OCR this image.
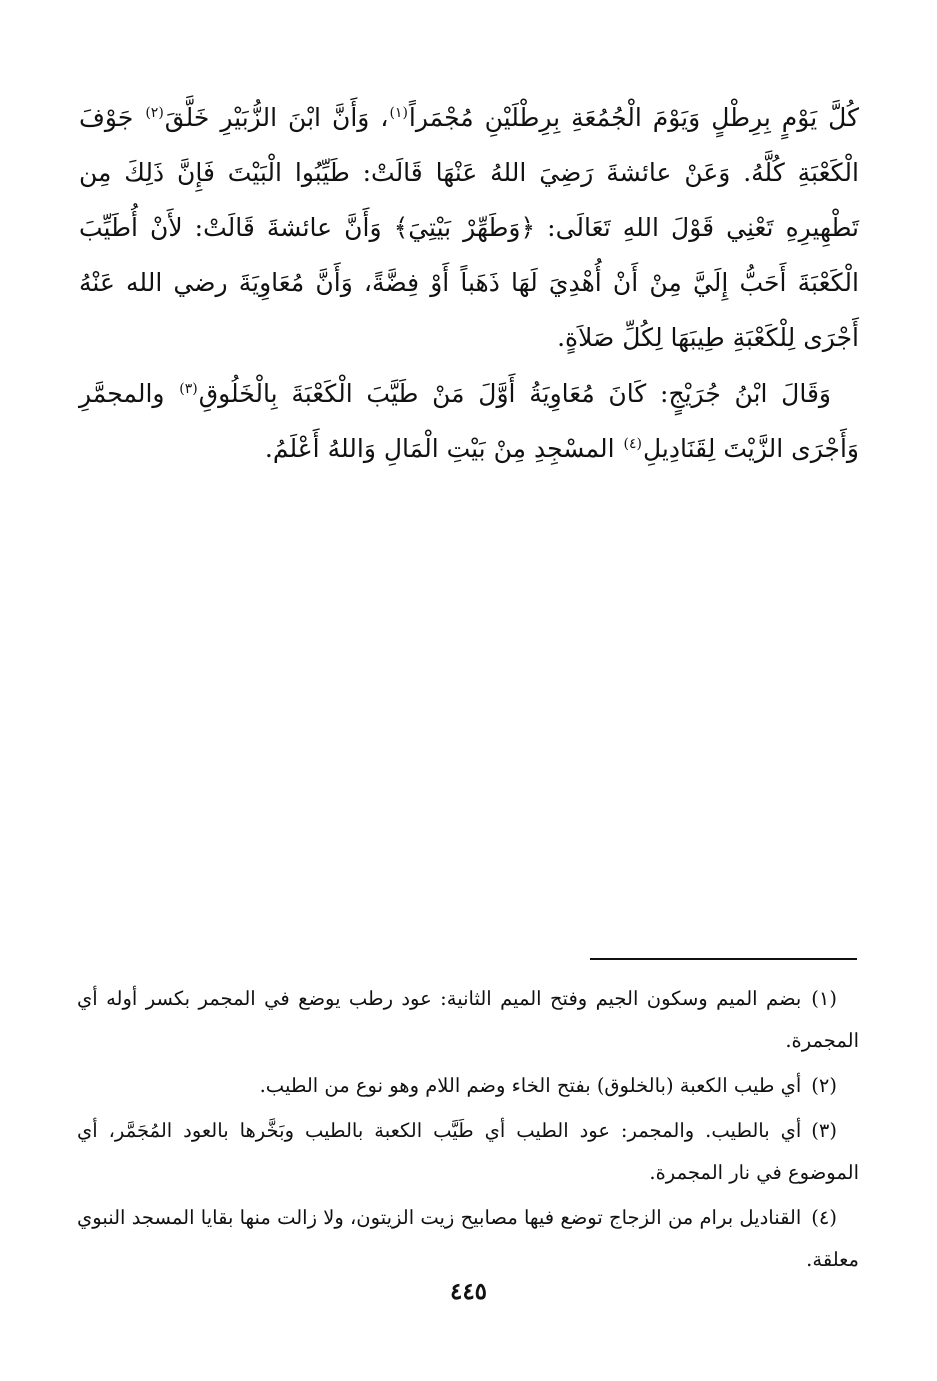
كُلَّ يَوْمٍ بِرِطْلٍ وَيَوْمَ الْجُمُعَةِ بِرِطْلَيْنِ مُجْمَراً$^{(١)}$، وَأَنَّ ابْنَ الزُّبَيْرِ خَلَّقَ$^{(٢)}$ جَوْفَ الْكَعْبَةِ كُلَّهُ. وَعَنْ عائشةَ رَضِيَ اللهُ عَنْهَا قَالَتْ: طَيِّبُوا الْبَيْتَ فَإِنَّ ذَلِكَ مِن تَطْهِيرِهِ تَعْنِي قَوْلَ اللهِ تَعَالَى: ﴿وَطَهِّرْ بَيْتِيَ﴾ وَأَنَّ عائشةَ قَالَتْ: لأَنْ أُطَيِّبَ الْكَعْبَةَ أَحَبُّ إِلَيَّ مِنْ أَنْ أُهْدِيَ لَهَا ذَهَباً أَوْ فِضَّةً، وَأَنَّ مُعَاوِيَةَ رضي الله عَنْهُ أَجْرَى لِلْكَعْبَةِ طِيبَهَا لِكُلِّ صَلاَةٍ.

وَقَالَ ابْنُ جُرَيْجٍ: كَانَ مُعَاوِيَةُ أَوَّلَ مَنْ طَيَّبَ الْكَعْبَةَ بِالْخَلُوقِ$^{(٣)}$ والمجمَّرِ وَأَجْرَى الزَّيْتَ لِقَنَادِيلِ$^{(٤)}$ المسْجِدِ مِنْ بَيْتِ الْمَالِ وَاللهُ أَعْلَمُ.

(١)بضم الميم وسكون الجيم وفتح الميم الثانية: عود رطب يوضع في المجمر بكسر أوله أي المجمرة.

(٢)أي طيب الكعبة (بالخلوق) بفتح الخاء وضم اللام وهو نوع من الطيب.

(٣)أي بالطيب. والمجمر: عود الطيب أي طَيَّب الكعبة بالطيب وبَخَّرها بالعود المُجَمَّر، أي الموضوع في نار المجمرة.

(٤)القناديل برام من الزجاج توضع فيها مصابيح زيت الزيتون، ولا زالت منها بقايا المسجد النبوي معلقة.

٤٤٥
